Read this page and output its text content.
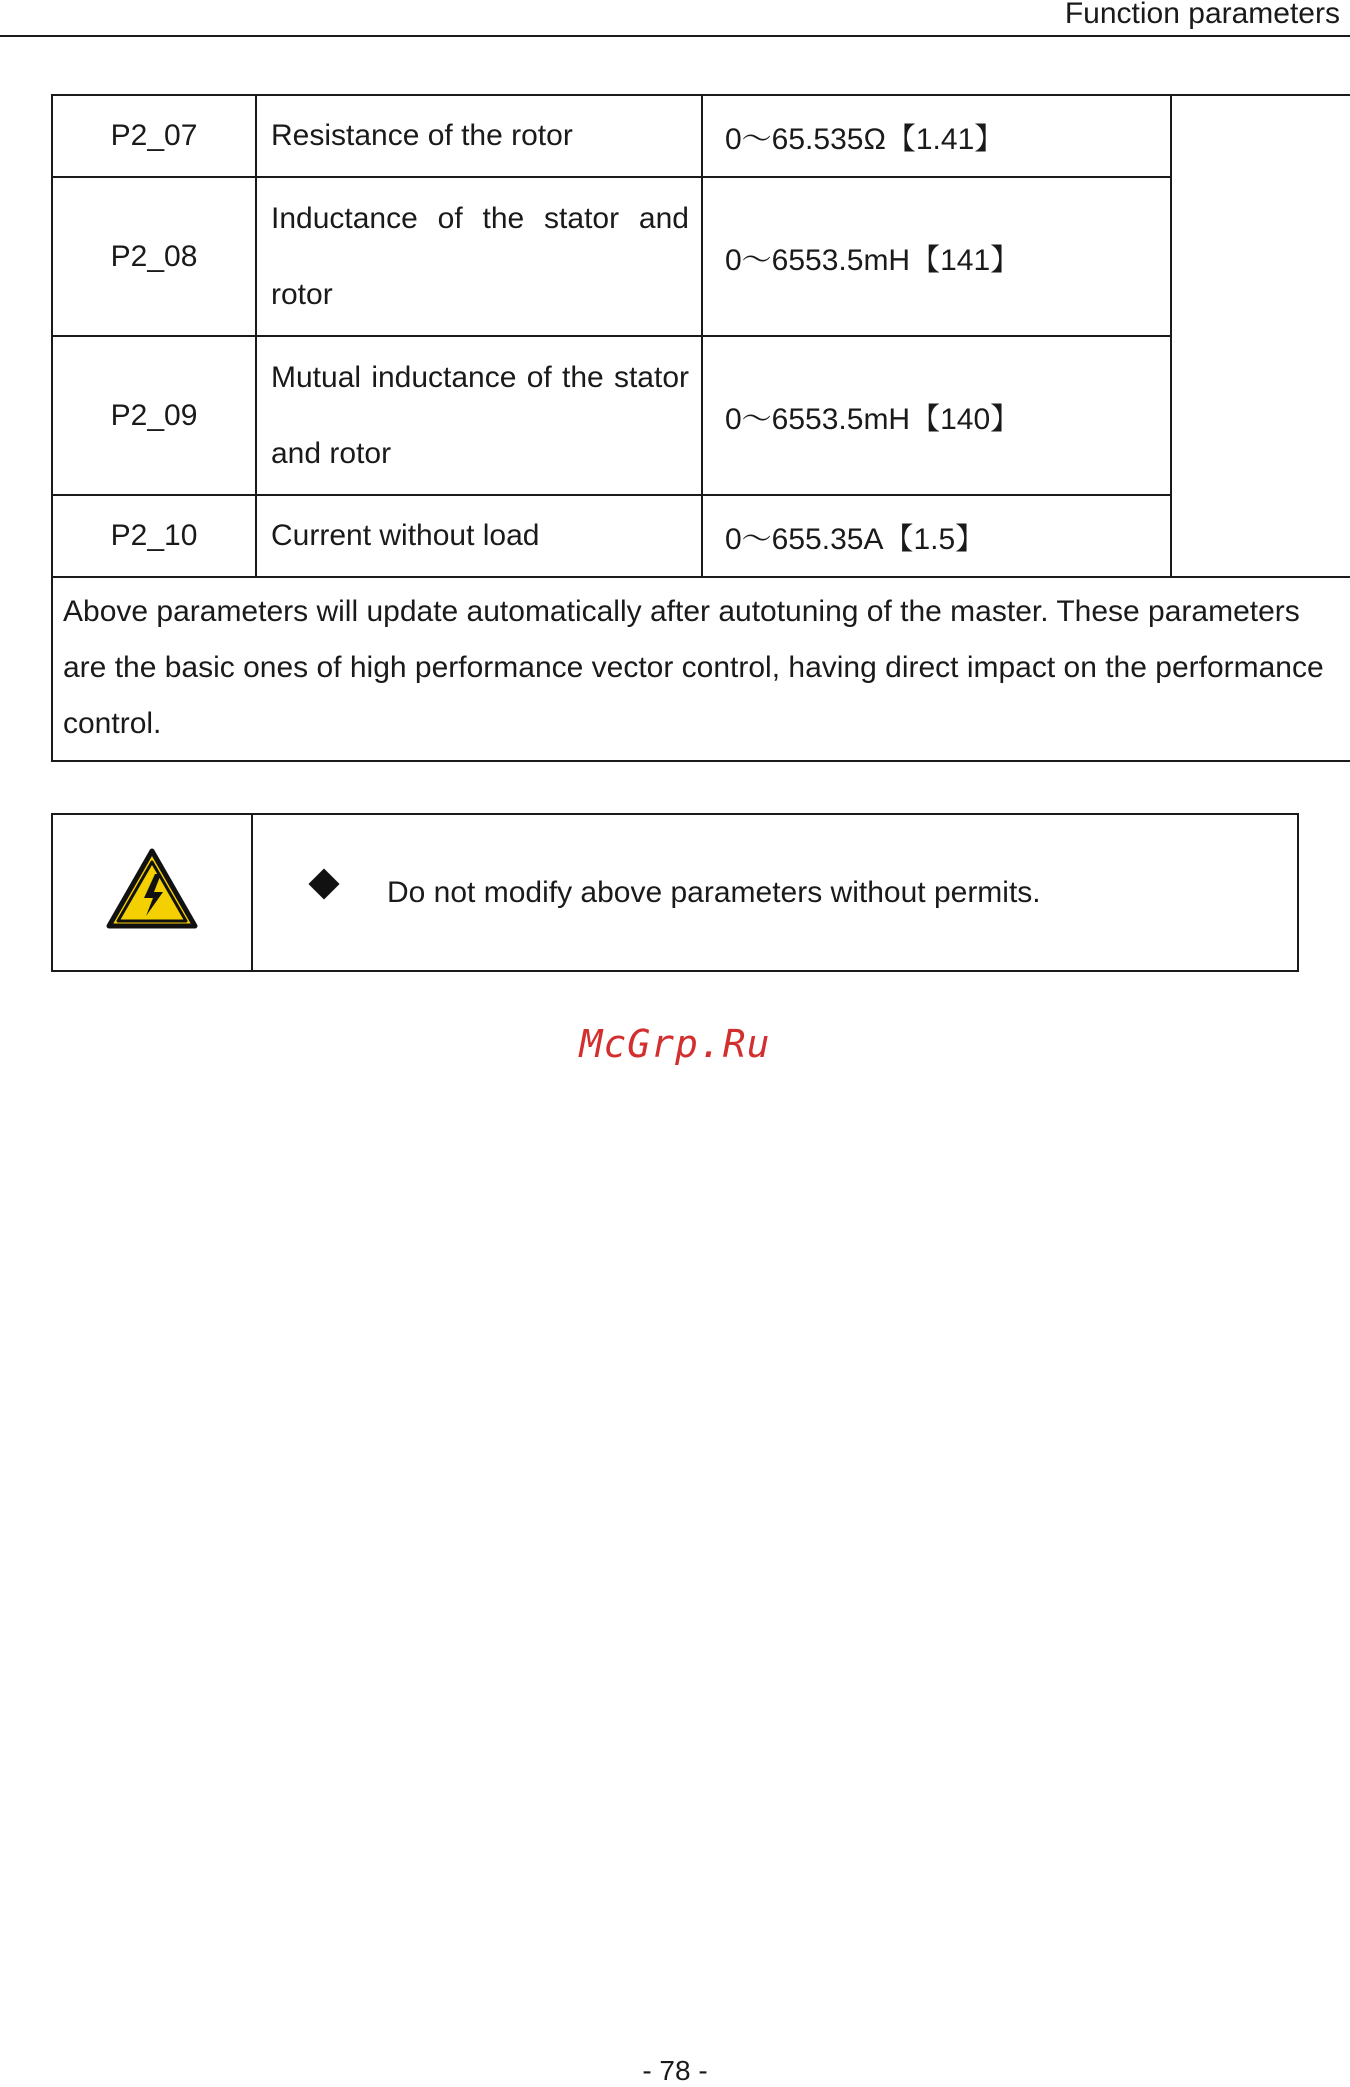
Function parameters
P2_07	Resistance of the rotor	0～65.535Ω【1.41】	
P2_08	Inductance of the stator and rotor	0～6553.5mH【141】	
P2_09	Mutual inductance of the stator and rotor	0～6553.5mH【140】	
P2_10	Current without load	0～655.35A【1.5】	
Above parameters will update automatically after autotuning of the master. These parameters are the basic ones of high performance vector control, having direct impact on the performance control.			
	Do not modify above parameters without permits.
McGrp.Ru
- 78 -
